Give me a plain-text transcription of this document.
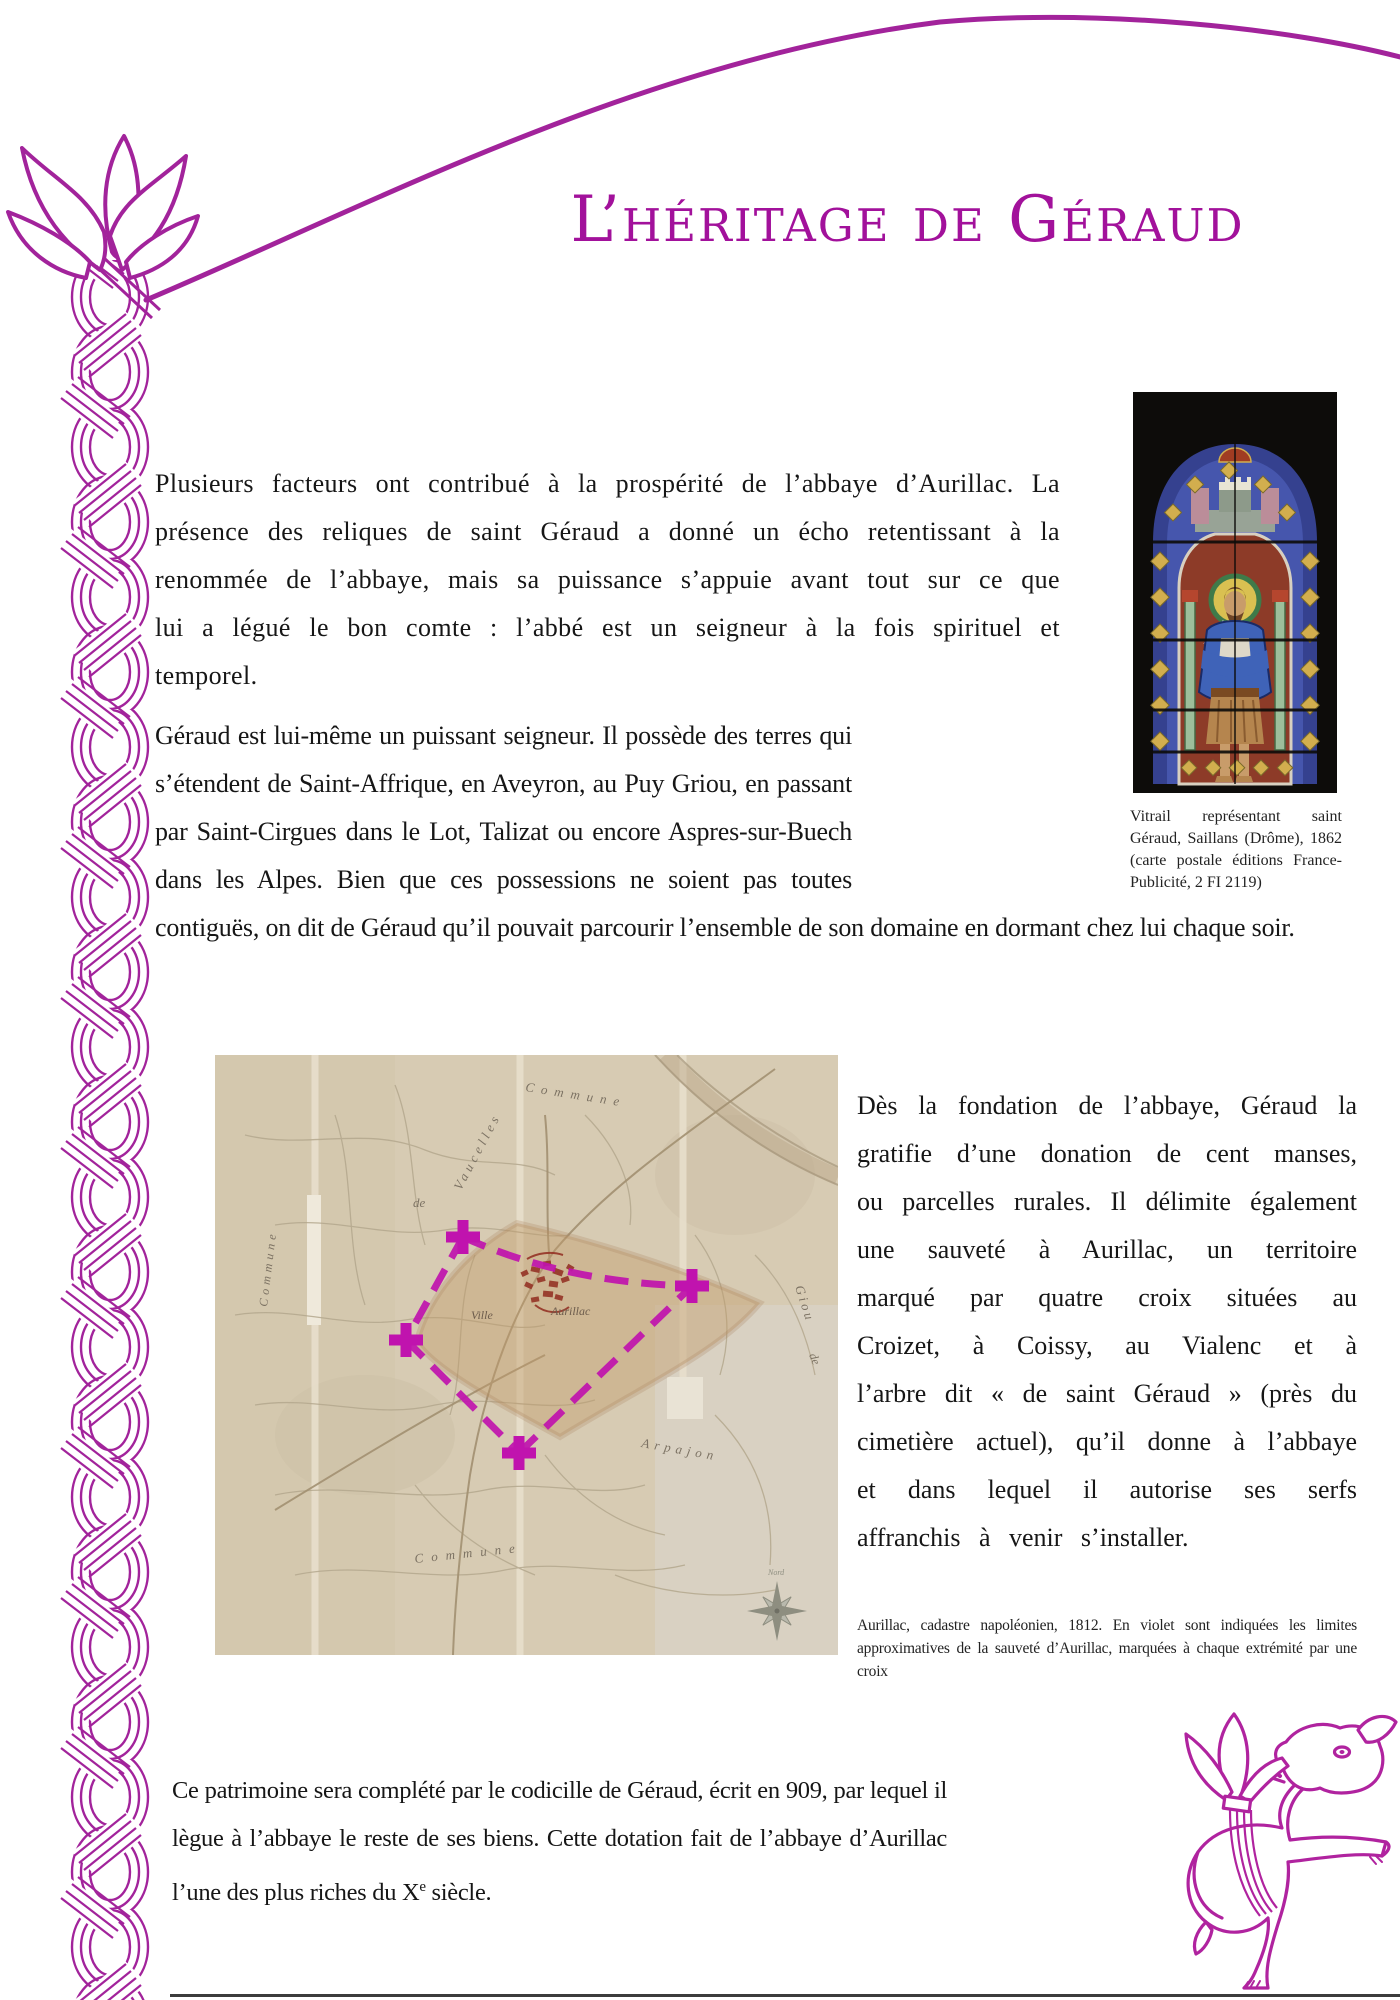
L’héritage de Géraud

Plusieurs facteurs ont contribué à la prospérité de l’abbaye d’Aurillac. La présence des reliques de saint Géraud a donné un écho retentissant à la renommée de l’abbaye, mais sa puissance s’appuie avant tout sur ce que lui a légué le bon comte : l’abbé est un seigneur à la fois spirituel et temporel.

Vitrail représentant saint Géraud, Saillans (Drôme), 1862 (carte postale éditions France-Publicité, 2 FI 2119)
Géraud est lui-même un puissant seigneur. Il possède des terres qui s’étendent de Saint-Affrique, en Aveyron, au Puy Griou, en passant par Saint-Cirgues dans le Lot, Talizat ou encore Aspres-sur-Buech dans les Alpes. Bien que ces possessions ne soient pas toutes contiguës, on dit de Géraud qu’il pouvait parcourir l’ensemble de son domaine en dormant chez lui chaque soir.
Commune
Vaucelles
de
Commune
Ville	Aurillac	Giou
de
Arpajon
Commune
Nord

Dès la fondation de l’abbaye, Géraud la gratifie d’une donation de cent manses, ou parcelles rurales. Il délimite également une sauveté à Aurillac, un territoire marqué par quatre croix situées au Croizet, à Coissy, au Vialenc et à l’arbre dit « de saint Géraud » (près du cimetière actuel), qu’il donne à l’abbaye et dans lequel il autorise ses serfs affranchis à venir s’installer.

Aurillac, cadastre napoléonien, 1812. En violet sont indiquées les limites approximatives de la sauveté d’Aurillac, marquées à chaque extrémité par une croix

Ce patrimoine sera complété par le codicille de Géraud, écrit en 909, par lequel il lègue à l’abbaye le reste de ses biens. Cette dotation fait de l’abbaye d’Aurillac l’une des plus riches du Xe siècle.
